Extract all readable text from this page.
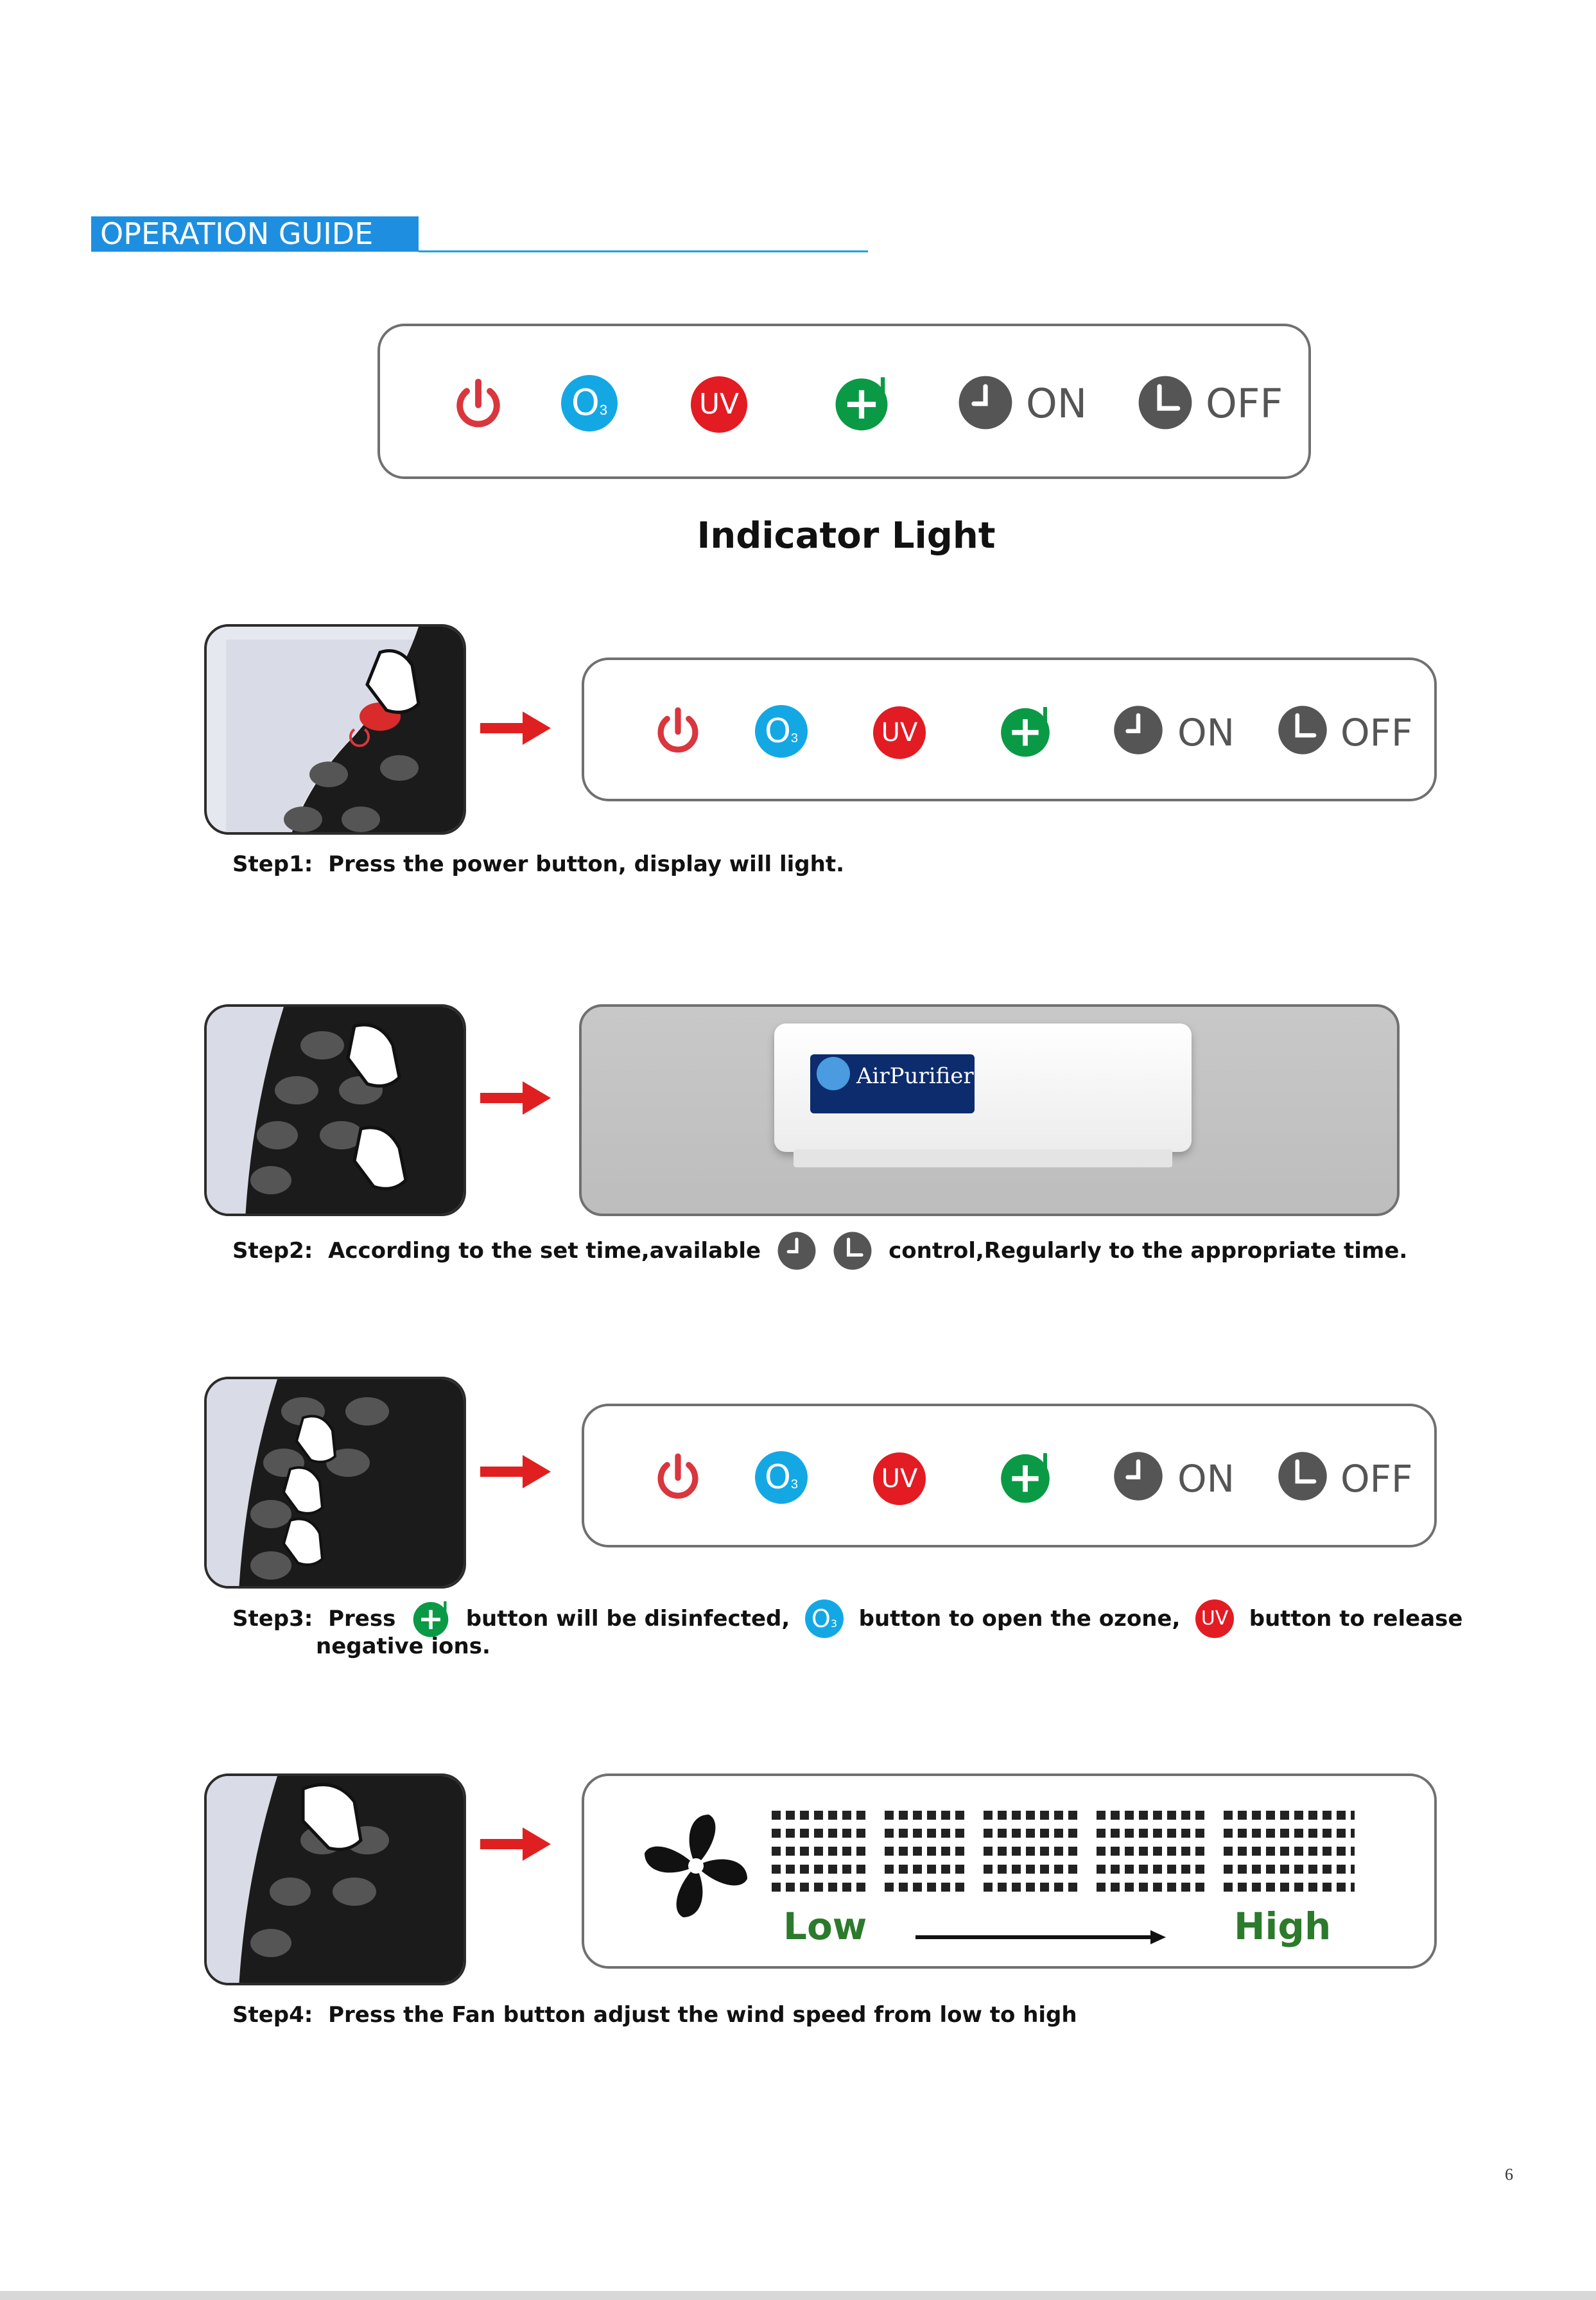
OPERATION GUIDE
O3	UV	ON	OFF
Indicator Light
O3	UV	ON	OFF
Step1: Press the power button, display will light.
AirPurifier
Step2:
According to the set time,available

	control,Regularly to the appropriate time.
O3	UV	ON	OFF
Step3:
Press

	button will be disinfected,
O3
button to open the ozone,
UV
button to release
negative ions.
Low	High
Step4: Press the Fan button adjust the wind speed from low to high
6
